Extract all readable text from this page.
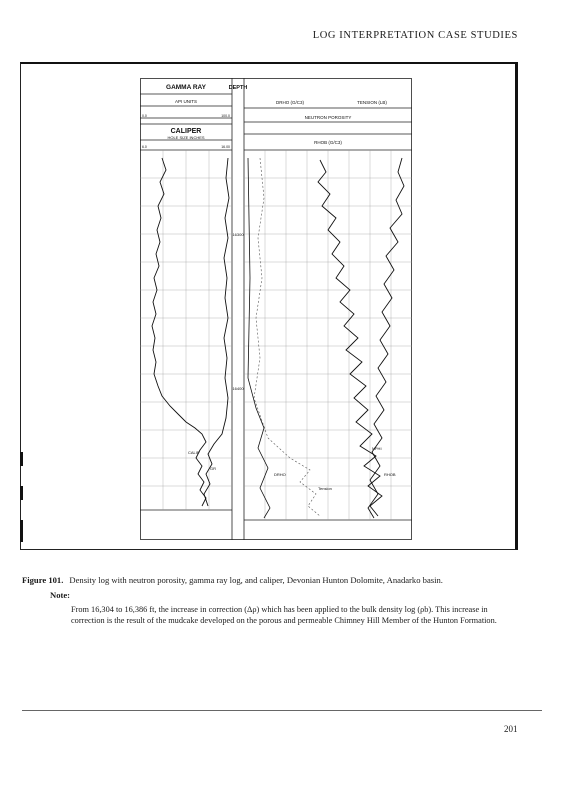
LOG INTERPRETATION CASE STUDIES
GAMMA RAY	DEPTH
API UNITS
0.0	100.0
CALIPER
HOLE SIZE INCHES
6.0	16.00
DRHO (G/C3)	TENSION (LB)
NEUTRON POROSITY
RHOB (G/C3)
16300
16400
CALIP
GR
NPHI
RHOB
DRHO
Tension
Figure 101. Density log with neutron porosity, gamma ray log, and caliper, Devonian Hunton Dolomite, Anadarko basin.
Note:
From 16,304 to 16,386 ft, the increase in correction (Δρ) which has been applied to the bulk density log (ρb). This increase in correction is the result of the mudcake developed on the porous and permeable Chimney Hill Member of the Hunton Formation.
201
